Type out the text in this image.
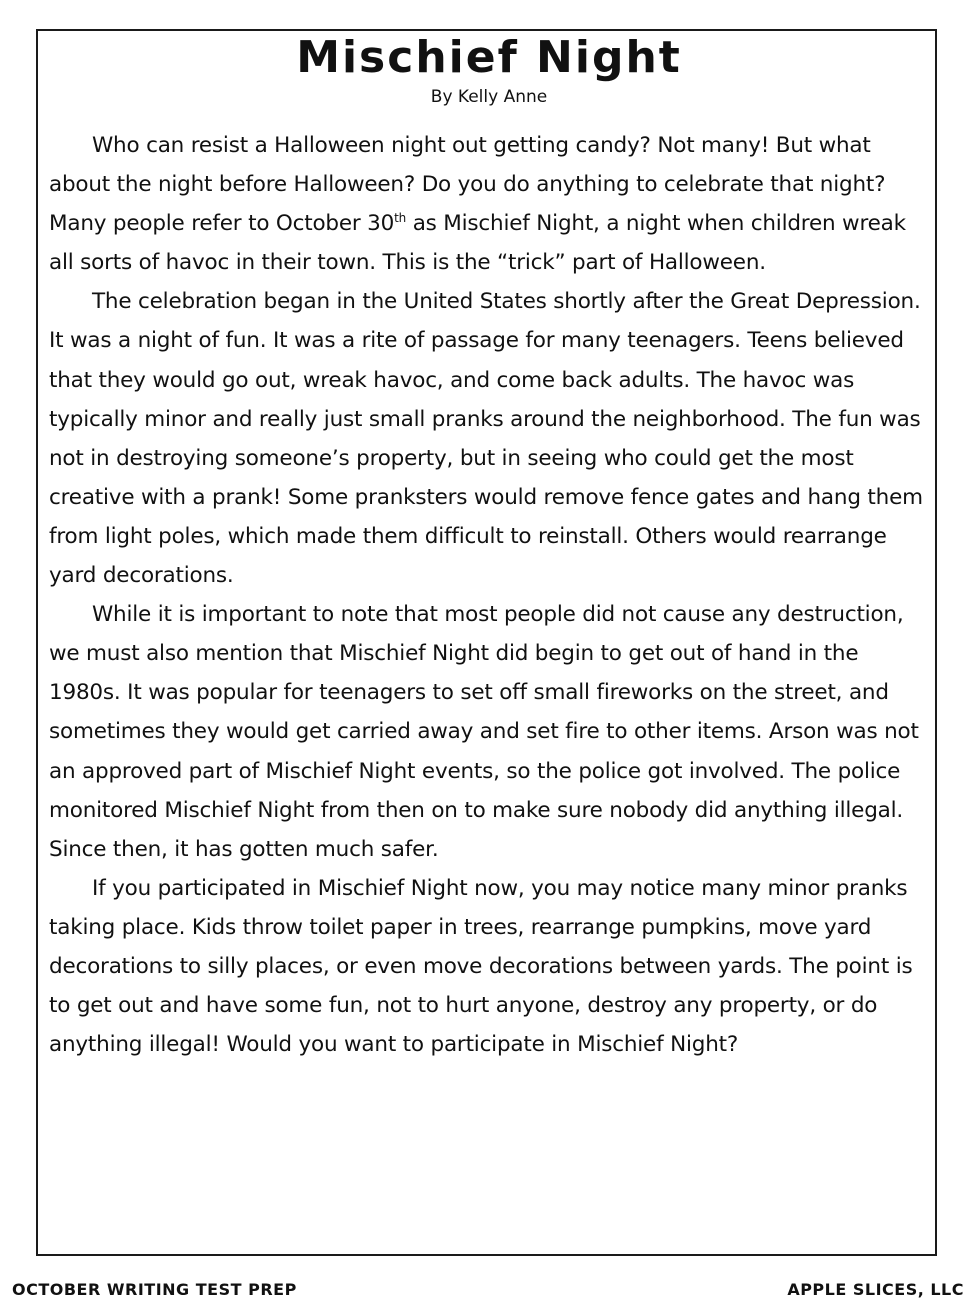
Mischief Night
By Kelly Anne

Who can resist a Halloween night out getting candy? Not many! But what about the night before Halloween? Do you do anything to celebrate that night? Many people refer to October 30th as Mischief Night, a night when children wreak all sorts of havoc in their town. This is the “trick” part of Halloween.

The celebration began in the United States shortly after the Great Depression. It was a night of fun. It was a rite of passage for many teenagers. Teens believed that they would go out, wreak havoc, and come back adults. The havoc was typically minor and really just small pranks around the neighborhood. The fun was not in destroying someone’s property, but in seeing who could get the most creative with a prank! Some pranksters would remove fence gates and hang them from light poles, which made them difficult to reinstall. Others would rearrange yard decorations.

While it is important to note that most people did not cause any destruction, we must also mention that Mischief Night did begin to get out of hand in the 1980s. It was popular for teenagers to set off small fireworks on the street, and sometimes they would get carried away and set fire to other items. Arson was not an approved part of Mischief Night events, so the police got involved. The police monitored Mischief Night from then on to make sure nobody did anything illegal. Since then, it has gotten much safer.

If you participated in Mischief Night now, you may notice many minor pranks taking place. Kids throw toilet paper in trees, rearrange pumpkins, move yard decorations to silly places, or even move decorations between yards. The point is to get out and have some fun, not to hurt anyone, destroy any property, or do anything illegal! Would you want to participate in Mischief Night?

OCTOBER WRITING TEST PREP	APPLE SLICES, LLC
